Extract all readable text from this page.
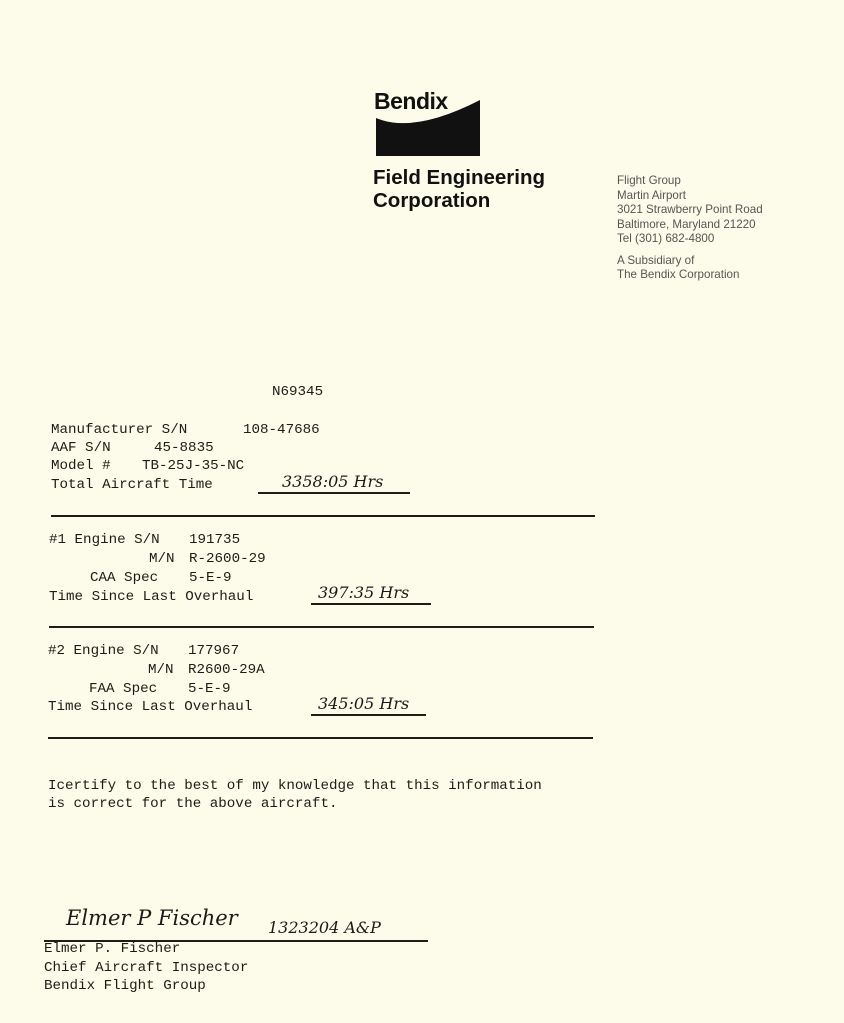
Bendix
Field Engineering
Corporation
Flight Group
Martin Airport
3021 Strawberry Point Road
Baltimore, Maryland 21220
Tel (301) 682-4800
A Subsidiary of
The Bendix Corporation
N69345
Manufacturer S/N	108-47686
AAF S/N	45-8835
Model # TB-25J-35-NC
Total Aircraft Time	3358:05 Hrs
#1 Engine S/N 191735
M/N R-2600-29
CAA Spec 5-E-9
Time Since Last Overhaul	397:35 Hrs
#2 Engine S/N 177967
M/N R2600-29A
FAA Spec 5-E-9
Time Since Last Overhaul	345:05 Hrs
Icertify to the best of my knowledge that this information
is correct for the above aircraft.
Elmer P Fischer 1323204 A&P
Elmer P. Fischer
Chief Aircraft Inspector
Bendix Flight Group
